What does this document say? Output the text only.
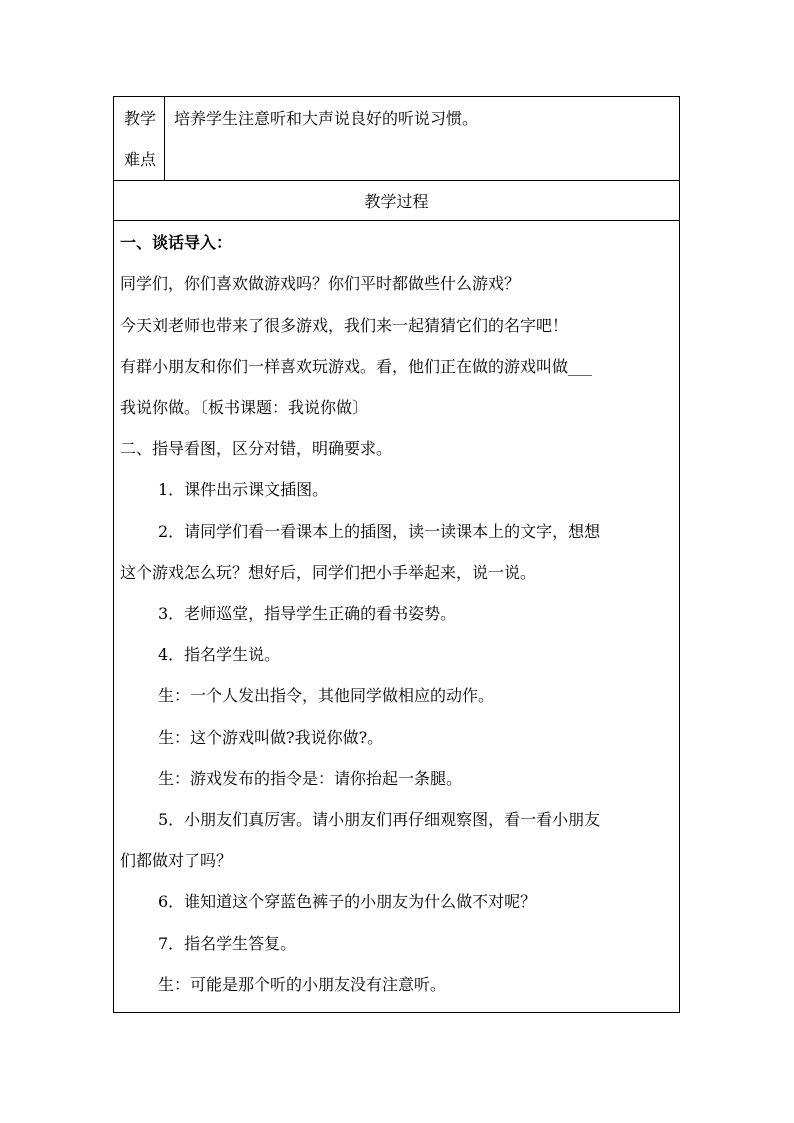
教学
难点
培养学生注意听和大声说良好的听说习惯。
教学过程
一、谈话导入：
同学们，你们喜欢做游戏吗？你们平时都做些什么游戏？
今天刘老师也带来了很多游戏，我们来一起猜猜它们的名字吧！
有群小朋友和你们一样喜欢玩游戏。看，他们正在做的游戏叫做___
我说你做。〔板书课题：我说你做〕
二、指导看图，区分对错，明确要求。
1．课件出示课文插图。
2．请同学们看一看课本上的插图，读一读课本上的文字，想想
这个游戏怎么玩？想好后，同学们把小手举起来，说一说。
3．老师巡堂，指导学生正确的看书姿势。
4．指名学生说。
生：一个人发出指令，其他同学做相应的动作。
生：这个游戏叫做?我说你做?。
生：游戏发布的指令是：请你抬起一条腿。
5．小朋友们真厉害。请小朋友们再仔细观察图，看一看小朋友
们都做对了吗？
6．谁知道这个穿蓝色裤子的小朋友为什么做不对呢？
7．指名学生答复。
生：可能是那个听的小朋友没有注意听。
